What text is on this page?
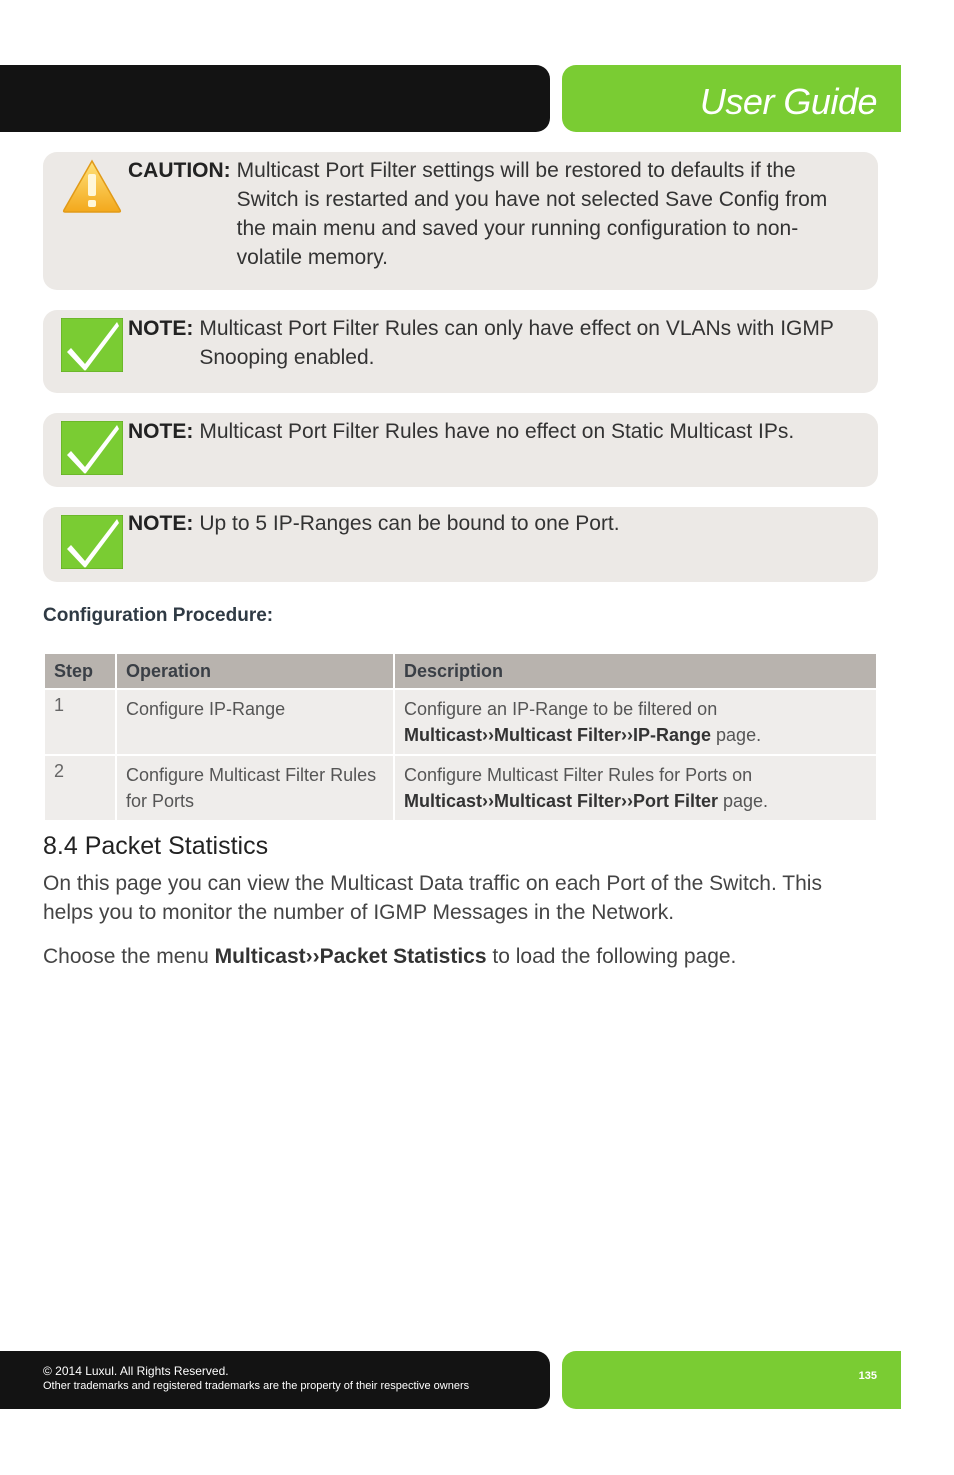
User Guide
CAUTION: Multicast Port Filter settings will be restored to defaults if the Switch is restarted and you have not selected Save Config from the main menu and saved your running configuration to non-volatile memory.
NOTE: Multicast Port Filter Rules can only have effect on VLANs with IGMP Snooping enabled.
NOTE: Multicast Port Filter Rules have no effect on Static Multicast IPs.
NOTE: Up to 5 IP-Ranges can be bound to one Port.
Configuration Procedure:
Step	Operation	Description
1	Configure IP-Range	Configure an IP-Range to be filtered on
Multicast››Multicast Filter››IP-Range page.
2	Configure Multicast Filter Rules for Ports	Configure Multicast Filter Rules for Ports on
Multicast››Multicast Filter››Port Filter page.
8.4 Packet Statistics
On this page you can view the Multicast Data traffic on each Port of the Switch. This helps you to monitor the number of IGMP Messages in the Network.
Choose the menu Multicast››Packet Statistics to load the following page.
© 2014 Luxul. All Rights Reserved.
Other trademarks and registered trademarks are the property of their respective owners
135
